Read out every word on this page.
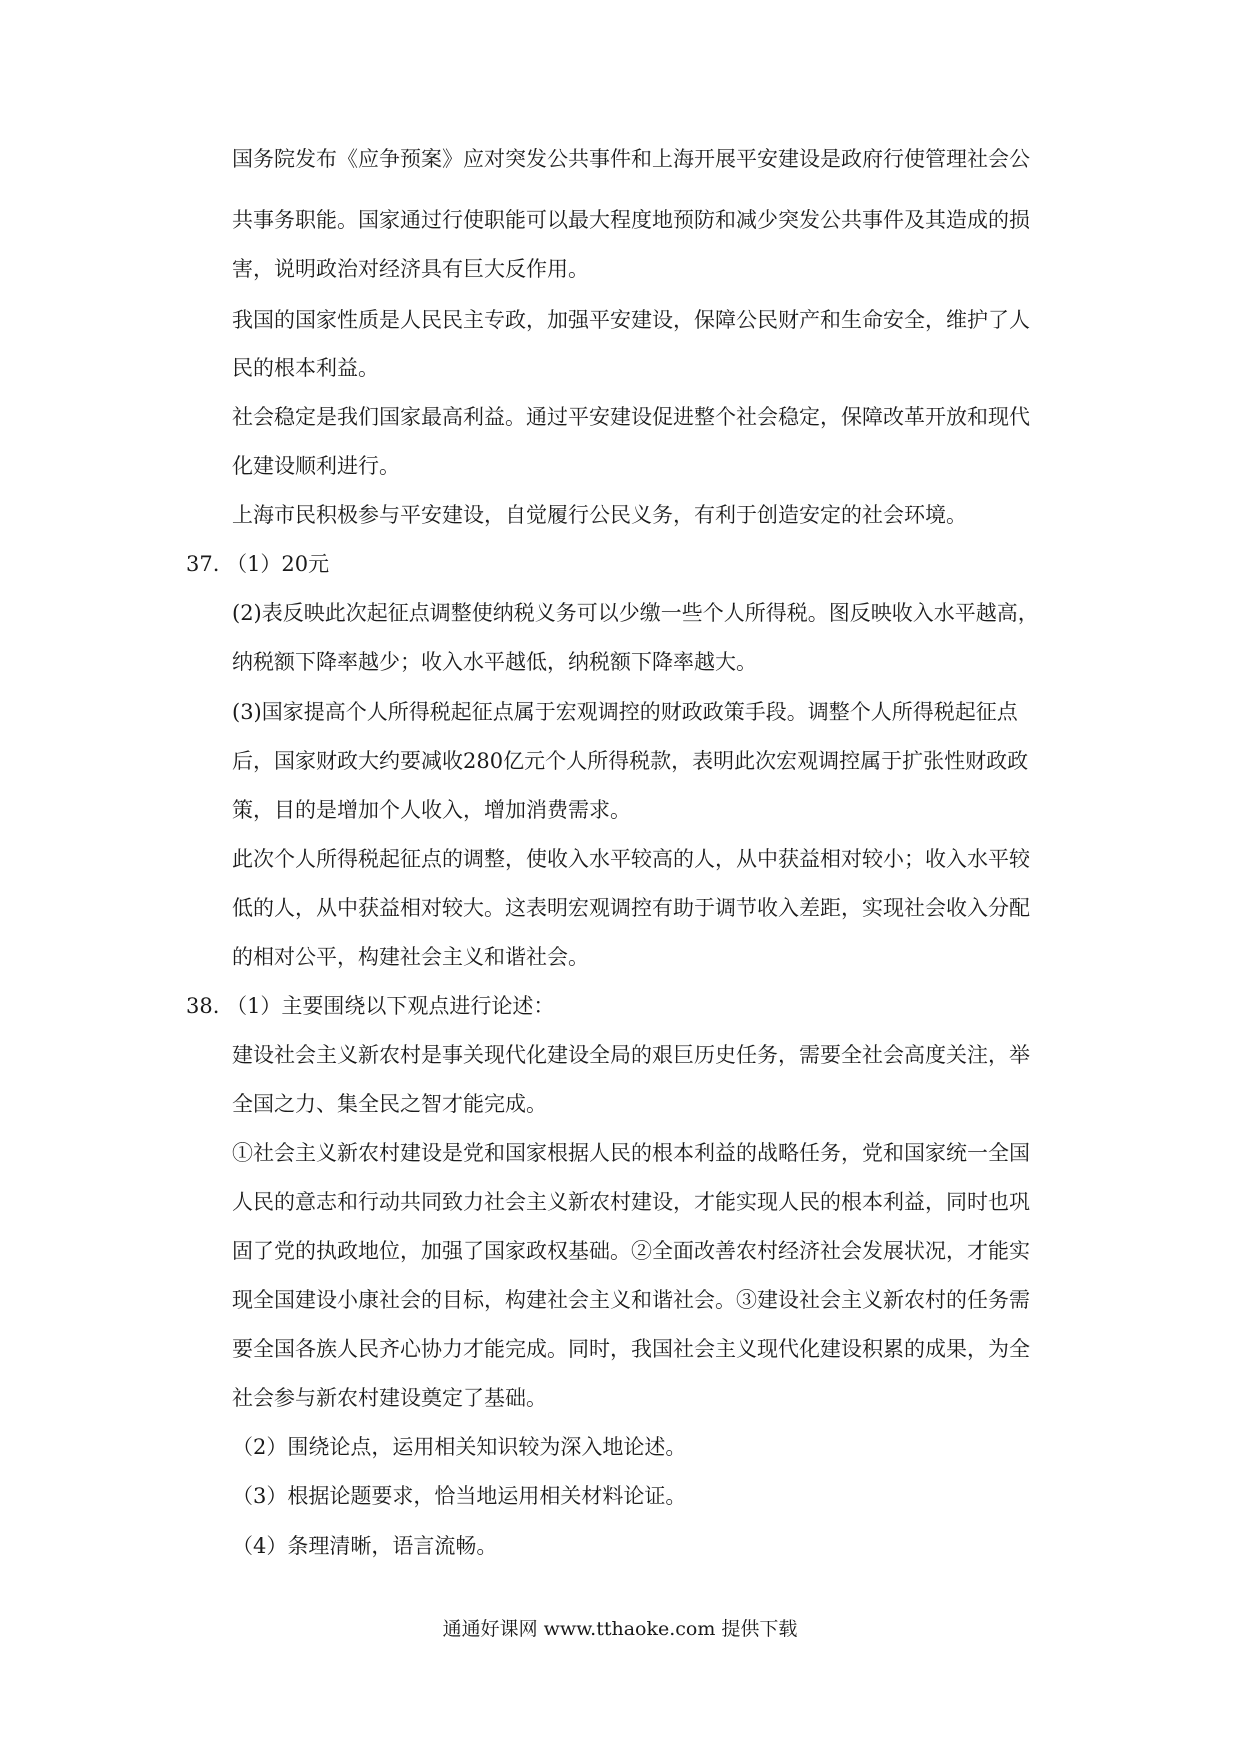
国务院发布《应争预案》应对突发公共事件和上海开展平安建设是政府行使管理社会公
共事务职能。国家通过行使职能可以最大程度地预防和减少突发公共事件及其造成的损
害，说明政治对经济具有巨大反作用。
我国的国家性质是人民民主专政，加强平安建设，保障公民财产和生命安全，维护了人
民的根本利益。
社会稳定是我们国家最高利益。通过平安建设促进整个社会稳定，保障改革开放和现代
化建设顺利进行。
上海市民积极参与平安建设，自觉履行公民义务，有利于创造安定的社会环境。
37. （1）20元
(2)表反映此次起征点调整使纳税义务可以少缴一些个人所得税。图反映收入水平越高，
纳税额下降率越少；收入水平越低，纳税额下降率越大。
(3)国家提高个人所得税起征点属于宏观调控的财政政策手段。调整个人所得税起征点
后，国家财政大约要减收280亿元个人所得税款，表明此次宏观调控属于扩张性财政政
策，目的是增加个人收入，增加消费需求。
此次个人所得税起征点的调整，使收入水平较高的人，从中获益相对较小；收入水平较
低的人，从中获益相对较大。这表明宏观调控有助于调节收入差距，实现社会收入分配
的相对公平，构建社会主义和谐社会。
38. （1）主要围绕以下观点进行论述：
建设社会主义新农村是事关现代化建设全局的艰巨历史任务，需要全社会高度关注，举
全国之力、集全民之智才能完成。
①社会主义新农村建设是党和国家根据人民的根本利益的战略任务，党和国家统一全国
人民的意志和行动共同致力社会主义新农村建设，才能实现人民的根本利益，同时也巩
固了党的执政地位，加强了国家政权基础。②全面改善农村经济社会发展状况，才能实
现全国建设小康社会的目标，构建社会主义和谐社会。③建设社会主义新农村的任务需
要全国各族人民齐心协力才能完成。同时，我国社会主义现代化建设积累的成果，为全
社会参与新农村建设奠定了基础。
（2）围绕论点，运用相关知识较为深入地论述。
（3）根据论题要求，恰当地运用相关材料论证。
（4）条理清晰，语言流畅。
通通好课网 www.tthaoke.com 提供下载
